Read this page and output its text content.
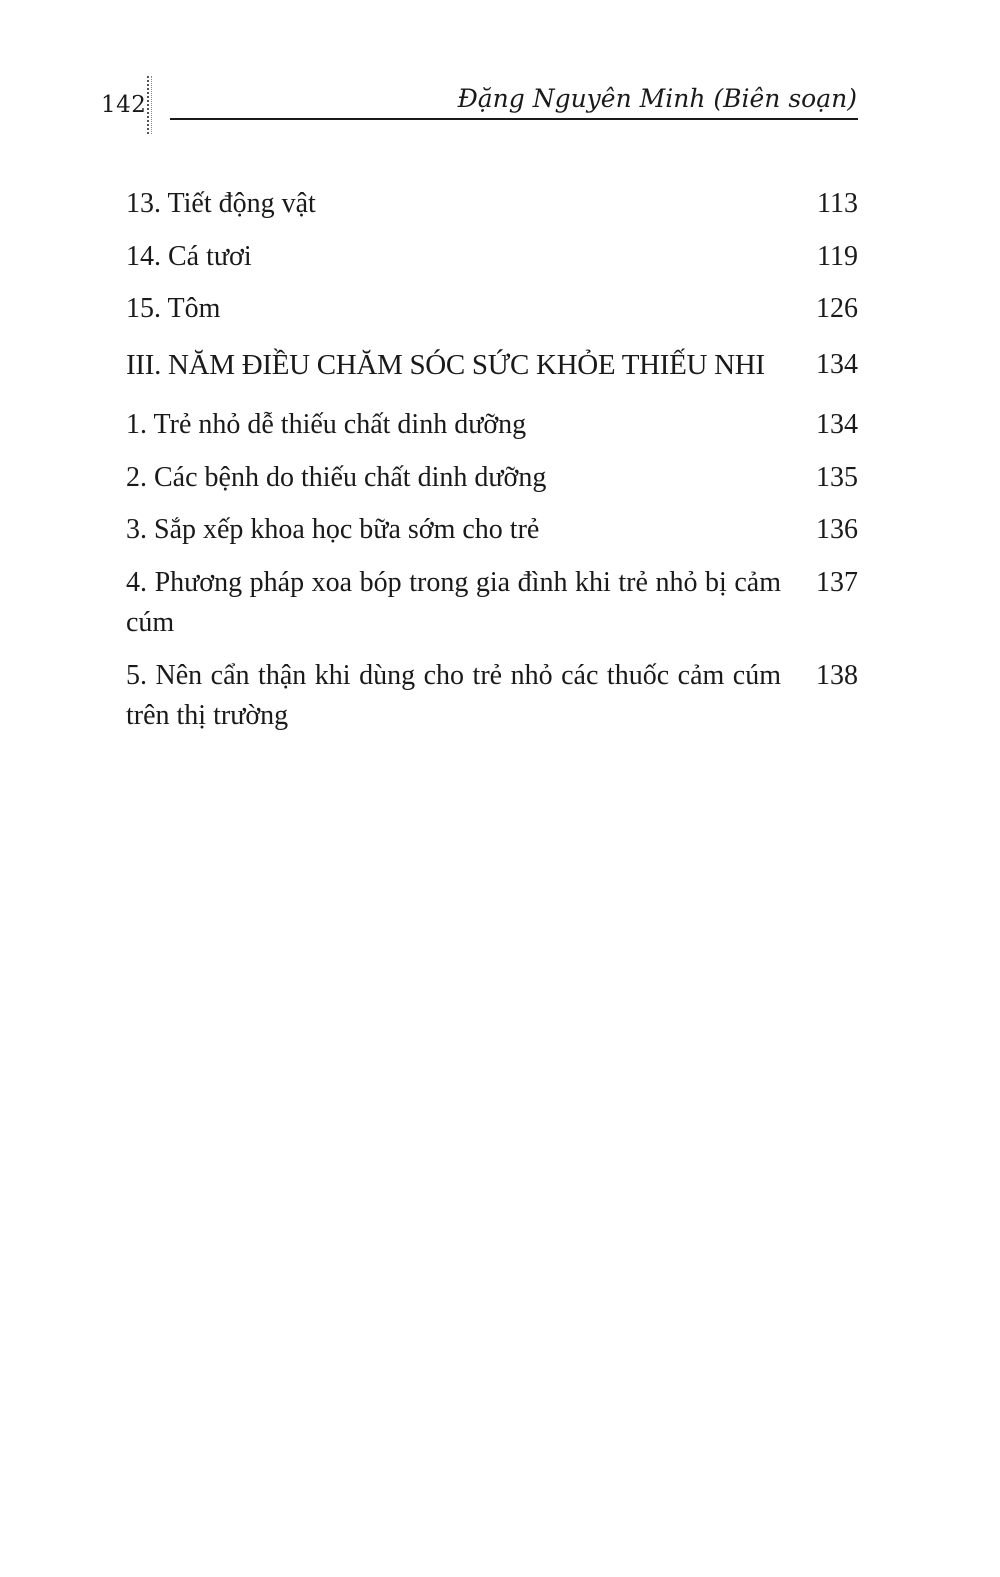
142	Đặng Nguyên Minh (Biên soạn)
13. Tiết động vật	113
14. Cá tươi	119
15. Tôm	126
III. NĂM ĐIỀU CHĂM SÓC SỨC KHỎE THIẾU NHI	134
1. Trẻ nhỏ dễ thiếu chất dinh dưỡng	134
2. Các bệnh do thiếu chất dinh dưỡng	135
3. Sắp xếp khoa học bữa sớm cho trẻ	136
4. Phương pháp xoa bóp trong gia đình khi trẻ nhỏ bị cảm cúm
137
5. Nên cẩn thận khi dùng cho trẻ nhỏ các thuốc cảm cúm trên thị trường
138
